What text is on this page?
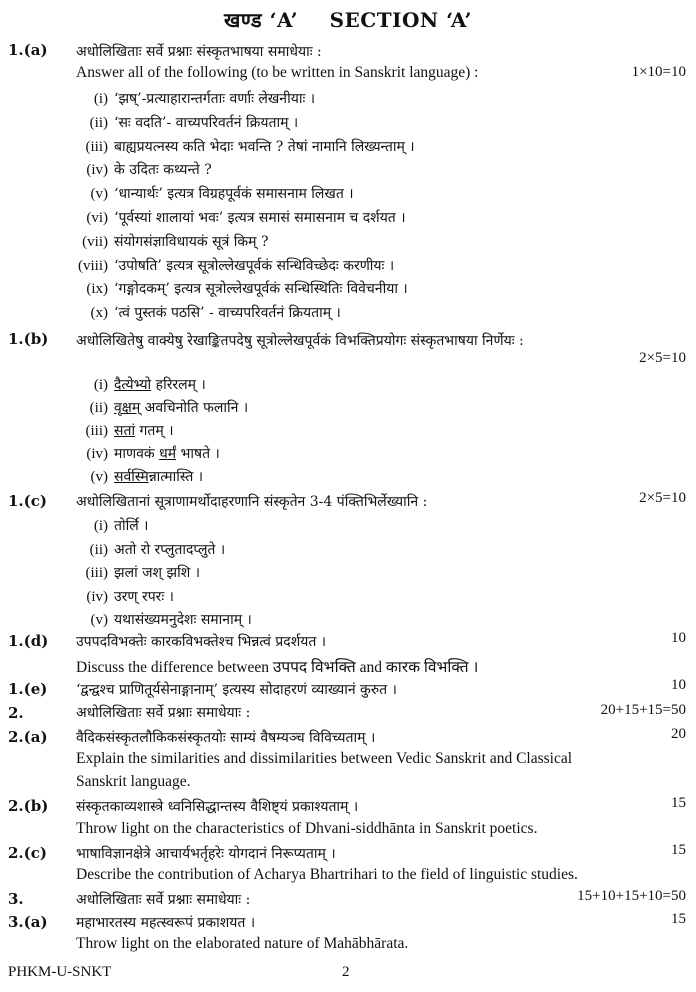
खण्ड ‘A’ SECTION ‘A’
1.(a) अधोलिखिताः सर्वे प्रश्नाः संस्कृतभाषया समाधेयाः :
Answer all of the following (to be written in Sanskrit language) :	1×10=10
(i) ‘झष्’-प्रत्याहारान्तर्गताः वर्णाः लेखनीयाः ।
(ii) ‘सः वदति’- वाच्यपरिवर्तनं क्रियताम् ।
(iii) बाह्यप्रयत्नस्य कति भेदाः भवन्ति ? तेषां नामानि लिख्यन्ताम् ।
(iv) के उदितः कथ्यन्ते ?
(v) ‘धान्यार्थः’ इत्यत्र विग्रहपूर्वकं समासनाम लिखत ।
(vi) ‘पूर्वस्यां शालायां भवः’ इत्यत्र समासं समासनाम च दर्शयत ।
(vii) संयोगसंज्ञाविधायकं सूत्रं किम् ?
(viii) ‘उपोषति’ इत्यत्र सूत्रोल्लेखपूर्वकं सन्धिविच्छेदः करणीयः ।
(ix) ‘गङ्गोदकम्’ इत्यत्र सूत्रोल्लेखपूर्वकं सन्धिस्थितिः विवेचनीया ।
(x) ‘त्वं पुस्तकं पठसि’ - वाच्यपरिवर्तनं क्रियताम् ।
1.(b) अधोलिखितेषु वाक्येषु रेखाङ्कितपदेषु सूत्रोल्लेखपूर्वकं विभक्तिप्रयोगः संस्कृतभाषया निर्णेयः :
2×5=10
(i) दैत्येभ्यो हरिरलम् ।
(ii) वृक्षम् अवचिनोति फलानि ।
(iii) सतां गतम् ।
(iv) माणवकं धर्मं भाषते ।
(v) सर्वस्मिन्नात्मास्ति ।
1.(c) अधोलिखितानां सूत्राणामर्थोदाहरणानि संस्कृतेन 3-4 पंक्तिभिर्लेख्यानि :	2×5=10
(i) तोर्लि ।
(ii) अतो रो रप्लुतादप्लुते ।
(iii) झलां जश् झशि ।
(iv) उरण् रपरः ।
(v) यथासंख्यमनुदेशः समानाम् ।
1.(d) उपपदविभक्तेः कारकविभक्तेश्च भिन्नत्वं प्रदर्शयत ।	10
Discuss the difference between उपपद विभक्ति and कारक विभक्ति ।
1.(e) ‘द्वन्द्वश्च प्राणितूर्यसेनाङ्गानाम्’ इत्यस्य सोदाहरणं व्याख्यानं कुरुत ।	10
2.	अधोलिखिताः सर्वे प्रश्नाः समाधेयाः :	20+15+15=50
2.(a) वैदिकसंस्कृतलौकिकसंस्कृतयोः साम्यं वैषम्यञ्च विविच्यताम् ।	20
Explain the similarities and dissimilarities between Vedic Sanskrit and Classical
Sanskrit language.
2.(b) संस्कृतकाव्यशास्त्रे ध्वनिसिद्धान्तस्य वैशिष्ट्यं प्रकाश्यताम् ।	15
Throw light on the characteristics of Dhvani-siddhānta in Sanskrit poetics.
2.(c) भाषाविज्ञानक्षेत्रे आचार्यभर्तृहरेः योगदानं निरूप्यताम् ।	15
Describe the contribution of Acharya Bhartrihari to the field of linguistic studies.
3.	अधोलिखिताः सर्वे प्रश्नाः समाधेयाः :	15+10+15+10=50
3.(a) महाभारतस्य महत्स्वरूपं प्रकाशयत ।	15
Throw light on the elaborated nature of Mahābhārata.
PHKM-U-SNKT	2
